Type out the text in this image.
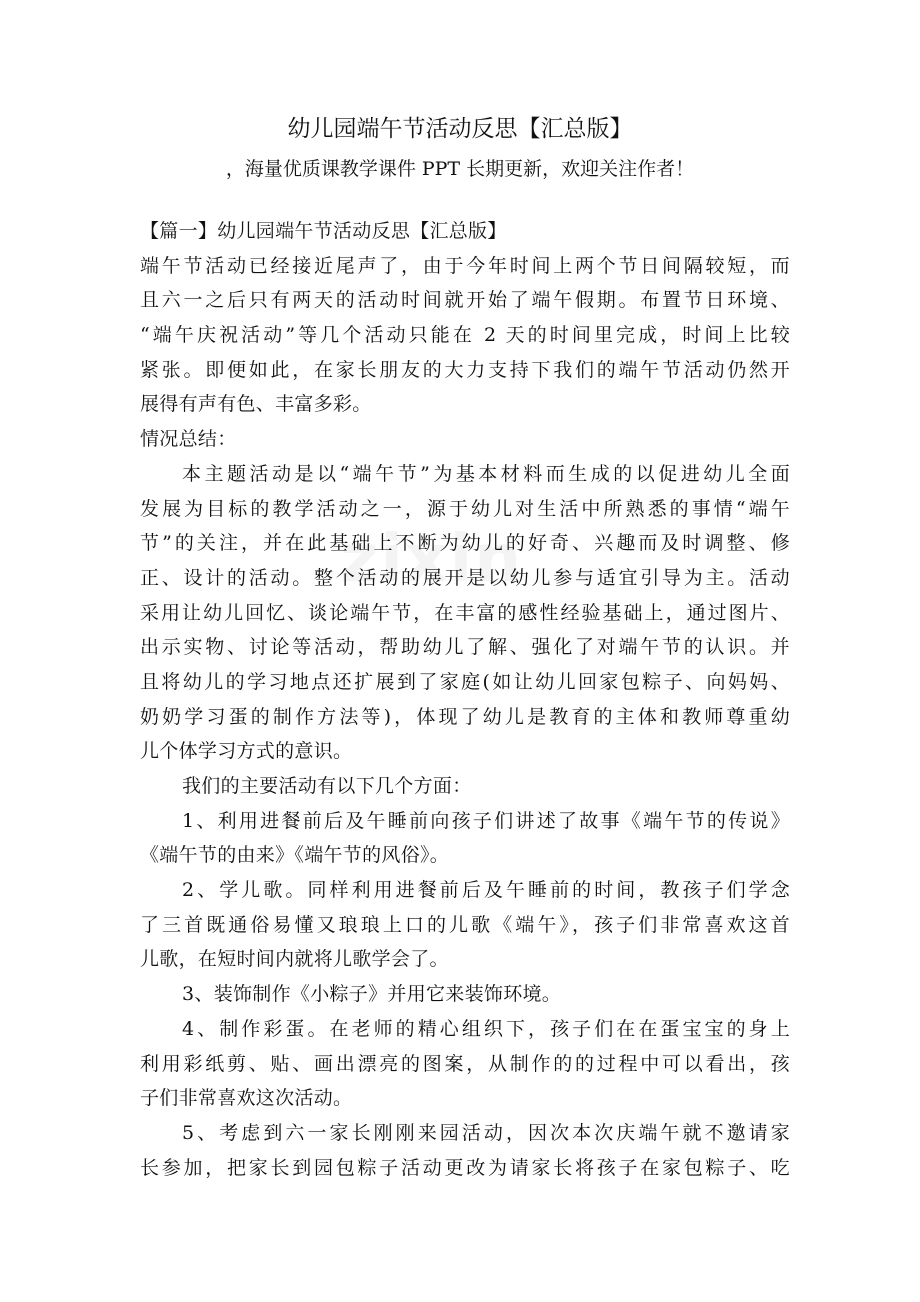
zixin
幼儿园端午节活动反思【汇总版】
，海量优质课教学课件 PPT 长期更新，欢迎关注作者！
【篇一】幼儿园端午节活动反思【汇总版】
端午节活动已经接近尾声了，由于今年时间上两个节日间隔较短，而
且六一之后只有两天的活动时间就开始了端午假期。布置节日环境、
“端午庆祝活动”等几个活动只能在 2 天的时间里完成，时间上比较
紧张。即便如此，在家长朋友的大力支持下我们的端午节活动仍然开
展得有声有色、丰富多彩。
情况总结：
本主题活动是以“端午节”为基本材料而生成的以促进幼儿全面
发展为目标的教学活动之一，源于幼儿对生活中所熟悉的事情“端午
节”的关注，并在此基础上不断为幼儿的好奇、兴趣而及时调整、修
正、设计的活动。整个活动的展开是以幼儿参与适宜引导为主。活动
采用让幼儿回忆、谈论端午节，在丰富的感性经验基础上，通过图片、
出示实物、讨论等活动，帮助幼儿了解、强化了对端午节的认识。并
且将幼儿的学习地点还扩展到了家庭(如让幼儿回家包粽子、向妈妈、
奶奶学习蛋的制作方法等)，体现了幼儿是教育的主体和教师尊重幼
儿个体学习方式的意识。
我们的主要活动有以下几个方面：
1、利用进餐前后及午睡前向孩子们讲述了故事《端午节的传说》
《端午节的由来》《端午节的风俗》。
2、学儿歌。同样利用进餐前后及午睡前的时间，教孩子们学念
了三首既通俗易懂又琅琅上口的儿歌《端午》，孩子们非常喜欢这首
儿歌，在短时间内就将儿歌学会了。
3、装饰制作《小粽子》并用它来装饰环境。
4、制作彩蛋。在老师的精心组织下，孩子们在在蛋宝宝的身上
利用彩纸剪、贴、画出漂亮的图案，从制作的的过程中可以看出，孩
子们非常喜欢这次活动。
5、考虑到六一家长刚刚来园活动，因次本次庆端午就不邀请家
长参加，把家长到园包粽子活动更改为请家长将孩子在家包粽子、吃
